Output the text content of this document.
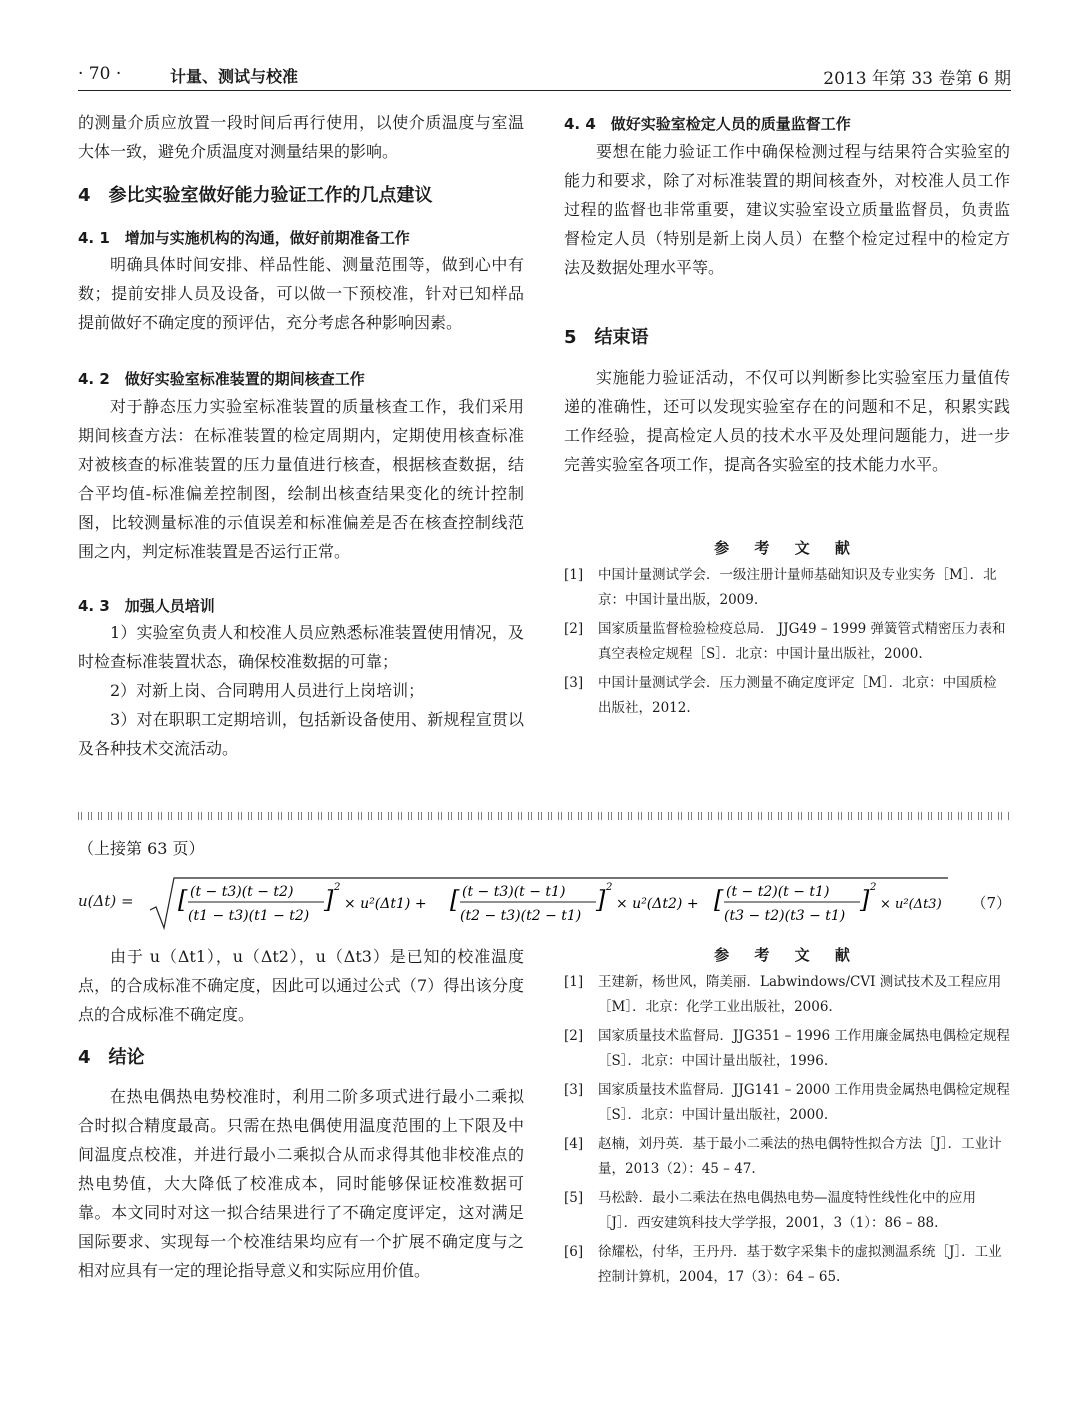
· 70 ·	计量、测试与校准	2013 年第 33 卷第 6 期

的测量介质应放置一段时间后再行使用，以使介质温度与室温大体一致，避免介质温度对测量结果的影响。

4　参比实验室做好能力验证工作的几点建议
4. 1　增加与实施机构的沟通，做好前期准备工作

明确具体时间安排、样品性能、测量范围等，做到心中有数；提前安排人员及设备，可以做一下预校准，针对已知样品提前做好不确定度的预评估，充分考虑各种影响因素。

4. 2　做好实验室标准装置的期间核查工作

对于静态压力实验室标准装置的质量核查工作，我们采用期间核查方法：在标准装置的检定周期内，定期使用核查标准对被核查的标准装置的压力量值进行核查，根据核查数据，结合平均值-标准偏差控制图，绘制出核查结果变化的统计控制图，比较测量标准的示值误差和标准偏差是否在核查控制线范围之内，判定标准装置是否运行正常。

4. 3　加强人员培训

1）实验室负责人和校准人员应熟悉标准装置使用情况，及时检查标准装置状态，确保校准数据的可靠；

2）对新上岗、合同聘用人员进行上岗培训；

3）对在职职工定期培训，包括新设备使用、新规程宣贯以及各种技术交流活动。

4. 4　做好实验室检定人员的质量监督工作

要想在能力验证工作中确保检测过程与结果符合实验室的能力和要求，除了对标准装置的期间核查外，对校准人员工作过程的监督也非常重要，建议实验室设立质量监督员，负责监督检定人员（特别是新上岗人员）在整个检定过程中的检定方法及数据处理水平等。

5　结束语

实施能力验证活动，不仅可以判断参比实验室压力量值传递的准确性，还可以发现实验室存在的问题和不足，积累实践工作经验，提高检定人员的技术水平及处理问题能力，进一步完善实验室各项工作，提高各实验室的技术能力水平。

参 考 文 献
[1]	中国计量测试学会．一级注册计量师基础知识及专业实务［M］．北京：中国计量出版，2009.
[2]	国家质量监督检验检疫总局． JJG49 – 1999 弹簧管式精密压力表和真空表检定规程［S］．北京：中国计量出版社，2000.
[3]	中国计量测试学会．压力测量不确定度评定［M］．北京：中国质检出版社，2012.
（上接第 63 页）
u(Δt) = [ (t − t3)(t − t2)
(t1 − t3)(t1 − t2)
] 2
× u²(Δt1) + [ (t − t3)(t − t1)
(t2 − t3)(t2 − t1)
] 2
× u²(Δt2) + [ (t − t2)(t − t1)
(t3 − t2)(t3 − t1)
] 2
× u²(Δt3) （7）

由于 u（Δt1），u（Δt2），u（Δt3）是已知的校准温度点，的合成标准不确定度，因此可以通过公式（7）得出该分度点的合成标准不确定度。

4　结论

在热电偶热电势校准时，利用二阶多项式进行最小二乘拟合时拟合精度最高。只需在热电偶使用温度范围的上下限及中间温度点校准，并进行最小二乘拟合从而求得其他非校准点的热电势值，大大降低了校准成本，同时能够保证校准数据可靠。本文同时对这一拟合结果进行了不确定度评定，这对满足国际要求、实现每一个校准结果均应有一个扩展不确定度与之相对应具有一定的理论指导意义和实际应用价值。

参 考 文 献
[1]	王建新，杨世风，隋美丽．Labwindows/CVI 测试技术及工程应用［M］．北京：化学工业出版社，2006.
[2]	国家质量技术监督局．JJG351 – 1996 工作用廉金属热电偶检定规程［S］．北京：中国计量出版社，1996.
[3]	国家质量技术监督局．JJG141 – 2000 工作用贵金属热电偶检定规程［S］．北京：中国计量出版社，2000.
[4]	赵楠，刘丹英．基于最小二乘法的热电偶特性拟合方法［J］．工业计量，2013（2）：45 – 47.
[5]	马松龄．最小二乘法在热电偶热电势—温度特性线性化中的应用［J］．西安建筑科技大学学报，2001，3（1）：86 – 88.
[6]	徐耀松，付华，王丹丹．基于数字采集卡的虚拟测温系统［J］．工业控制计算机，2004，17（3）：64 – 65.
